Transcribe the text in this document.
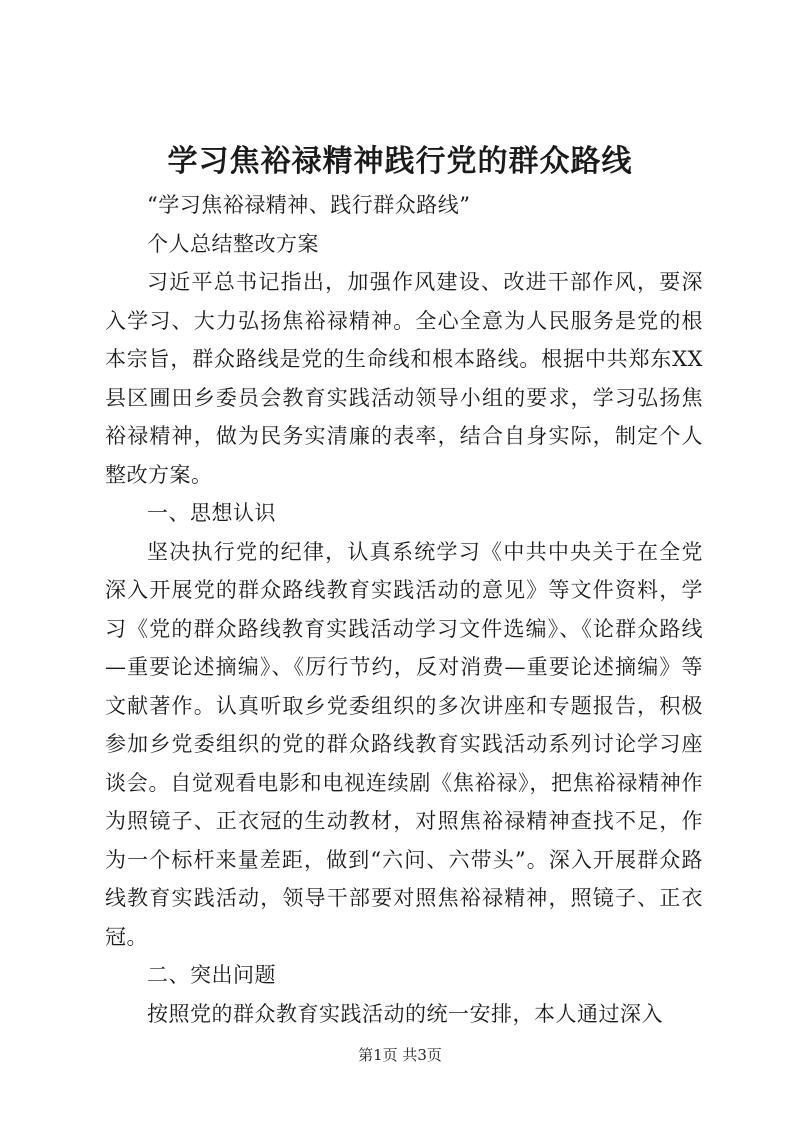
学习焦裕禄精神践行党的群众路线

“学习焦裕禄精神、践行群众路线”

个人总结整改方案

习近平总书记指出，加强作风建设、改进干部作风，要深入学习、大力弘扬焦裕禄精神。全心全意为人民服务是党的根本宗旨，群众路线是党的生命线和根本路线。根据中共郑东XX县区圃田乡委员会教育实践活动领导小组的要求，学习弘扬焦裕禄精神，做为民务实清廉的表率，结合自身实际，制定个人整改方案。

一、思想认识

坚决执行党的纪律，认真系统学习《中共中央关于在全党深入开展党的群众路线教育实践活动的意见》等文件资料，学习《党的群众路线教育实践活动学习文件选编》、《论群众路线—重要论述摘编》、《厉行节约，反对消费—重要论述摘编》等文献著作。认真听取乡党委组织的多次讲座和专题报告，积极参加乡党委组织的党的群众路线教育实践活动系列讨论学习座谈会。自觉观看电影和电视连续剧《焦裕禄》，把焦裕禄精神作为照镜子、正衣冠的生动教材，对照焦裕禄精神查找不足，作为一个标杆来量差距，做到“六问、六带头”。深入开展群众路线教育实践活动，领导干部要对照焦裕禄精神，照镜子、正衣冠。

二、突出问题

按照党的群众教育实践活动的统一安排，本人通过深入

第1页 共3页
